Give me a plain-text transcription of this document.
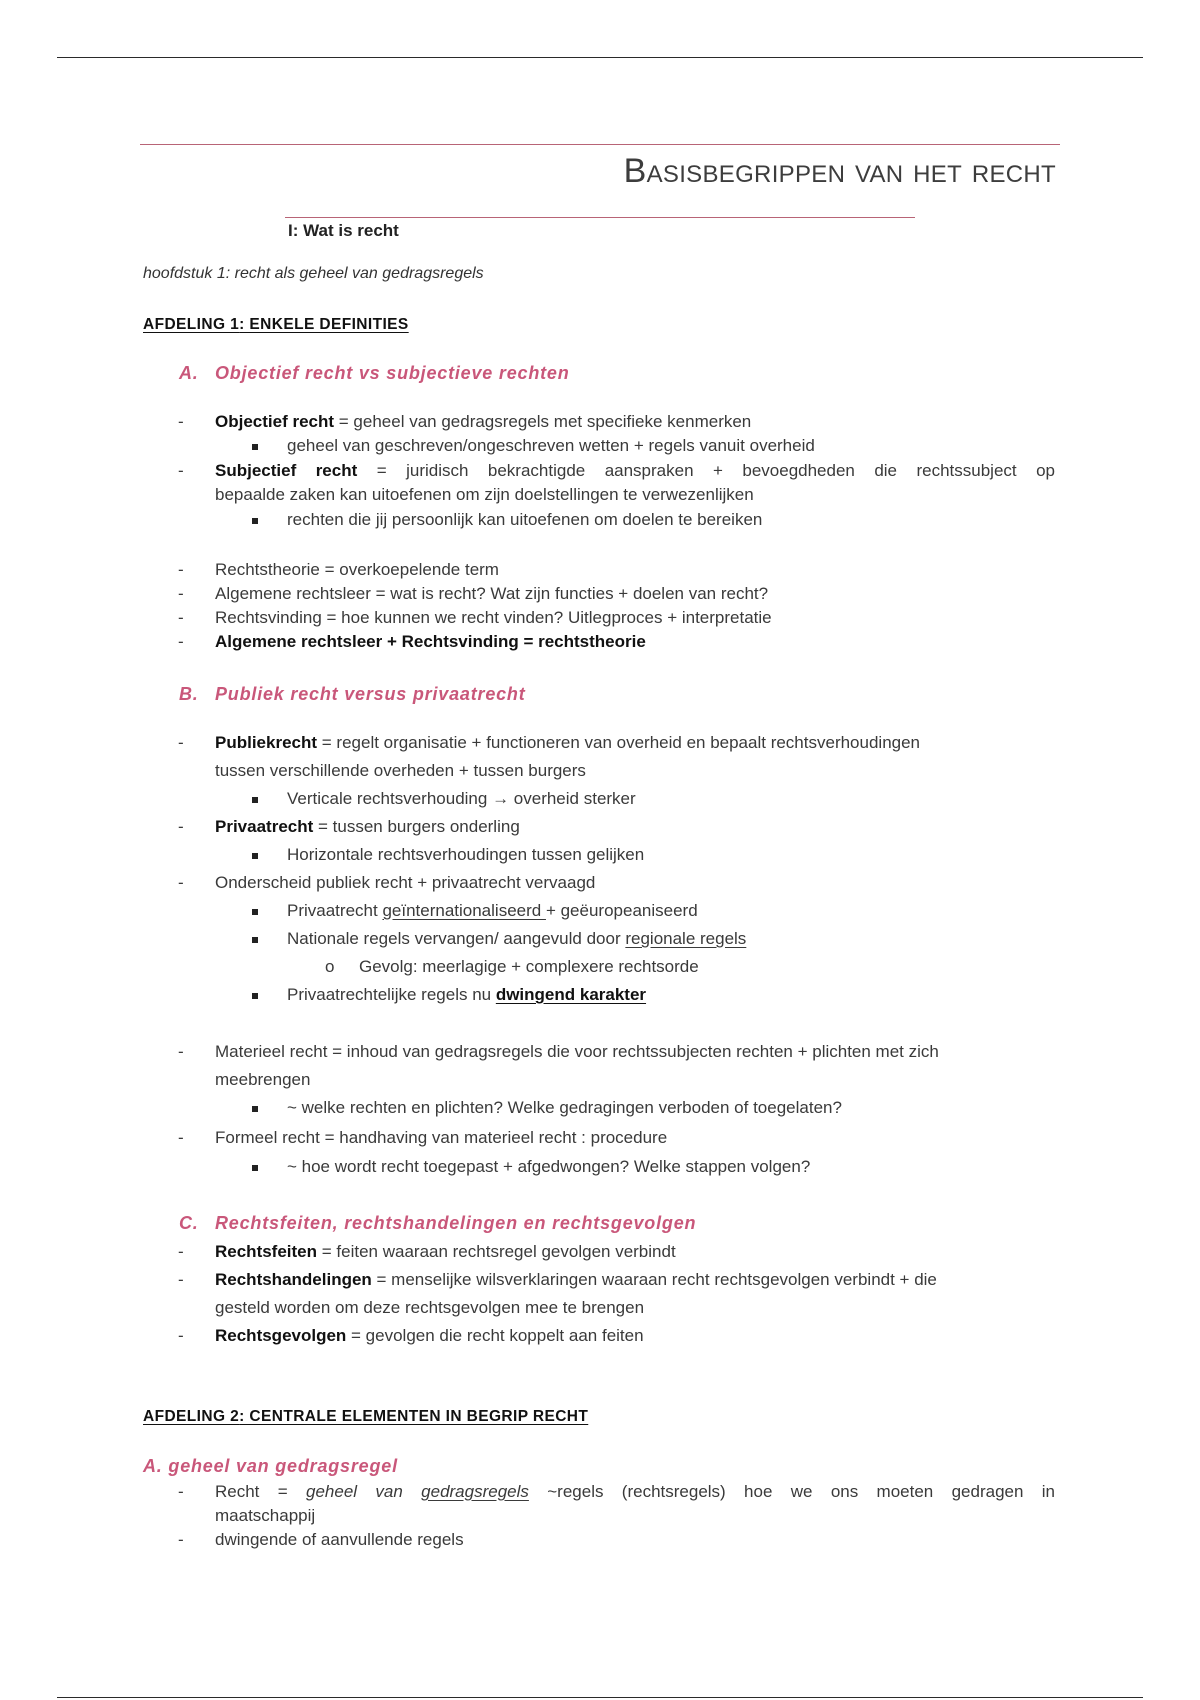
Basisbegrippen van het recht
I: Wat is recht
hoofdstuk 1: recht als geheel van gedragsregels
AFDELING 1: ENKELE DEFINITIES
A. Objectief recht vs subjectieve rechten
- Objectief recht = geheel van gedragsregels met specifieke kenmerken
geheel van geschreven/ongeschreven wetten + regels vanuit overheid
- Subjectief recht = juridisch bekrachtigde aanspraken + bevoegdheden die rechtssubject op
bepaalde zaken kan uitoefenen om zijn doelstellingen te verwezenlijken
rechten die jij persoonlijk kan uitoefenen om doelen te bereiken
- Rechtstheorie = overkoepelende term
- Algemene rechtsleer = wat is recht? Wat zijn functies + doelen van recht?
- Rechtsvinding = hoe kunnen we recht vinden? Uitlegproces + interpretatie
- Algemene rechtsleer + Rechtsvinding = rechtstheorie
B. Publiek recht versus privaatrecht
- Publiekrecht = regelt organisatie + functioneren van overheid en bepaalt rechtsverhoudingen
tussen verschillende overheden + tussen burgers
Verticale rechtsverhouding → overheid sterker
- Privaatrecht = tussen burgers onderling
Horizontale rechtsverhoudingen tussen gelijken
- Onderscheid publiek recht + privaatrecht vervaagd
Privaatrecht geïnternationaliseerd + geëuropeaniseerd
Nationale regels vervangen/ aangevuld door regionale regels
o Gevolg: meerlagige + complexere rechtsorde
Privaatrechtelijke regels nu dwingend karakter
- Materieel recht = inhoud van gedragsregels die voor rechtssubjecten rechten + plichten met zich
meebrengen
~ welke rechten en plichten? Welke gedragingen verboden of toegelaten?
- Formeel recht = handhaving van materieel recht : procedure
~ hoe wordt recht toegepast + afgedwongen? Welke stappen volgen?
C. Rechtsfeiten, rechtshandelingen en rechtsgevolgen
- Rechtsfeiten = feiten waaraan rechtsregel gevolgen verbindt
- Rechtshandelingen = menselijke wilsverklaringen waaraan recht rechtsgevolgen verbindt + die
gesteld worden om deze rechtsgevolgen mee te brengen
- Rechtsgevolgen = gevolgen die recht koppelt aan feiten
AFDELING 2: CENTRALE ELEMENTEN IN BEGRIP RECHT
A. geheel van gedragsregel
- Recht = geheel van gedragsregels ~regels (rechtsregels) hoe we ons moeten gedragen in
maatschappij
- dwingende of aanvullende regels
